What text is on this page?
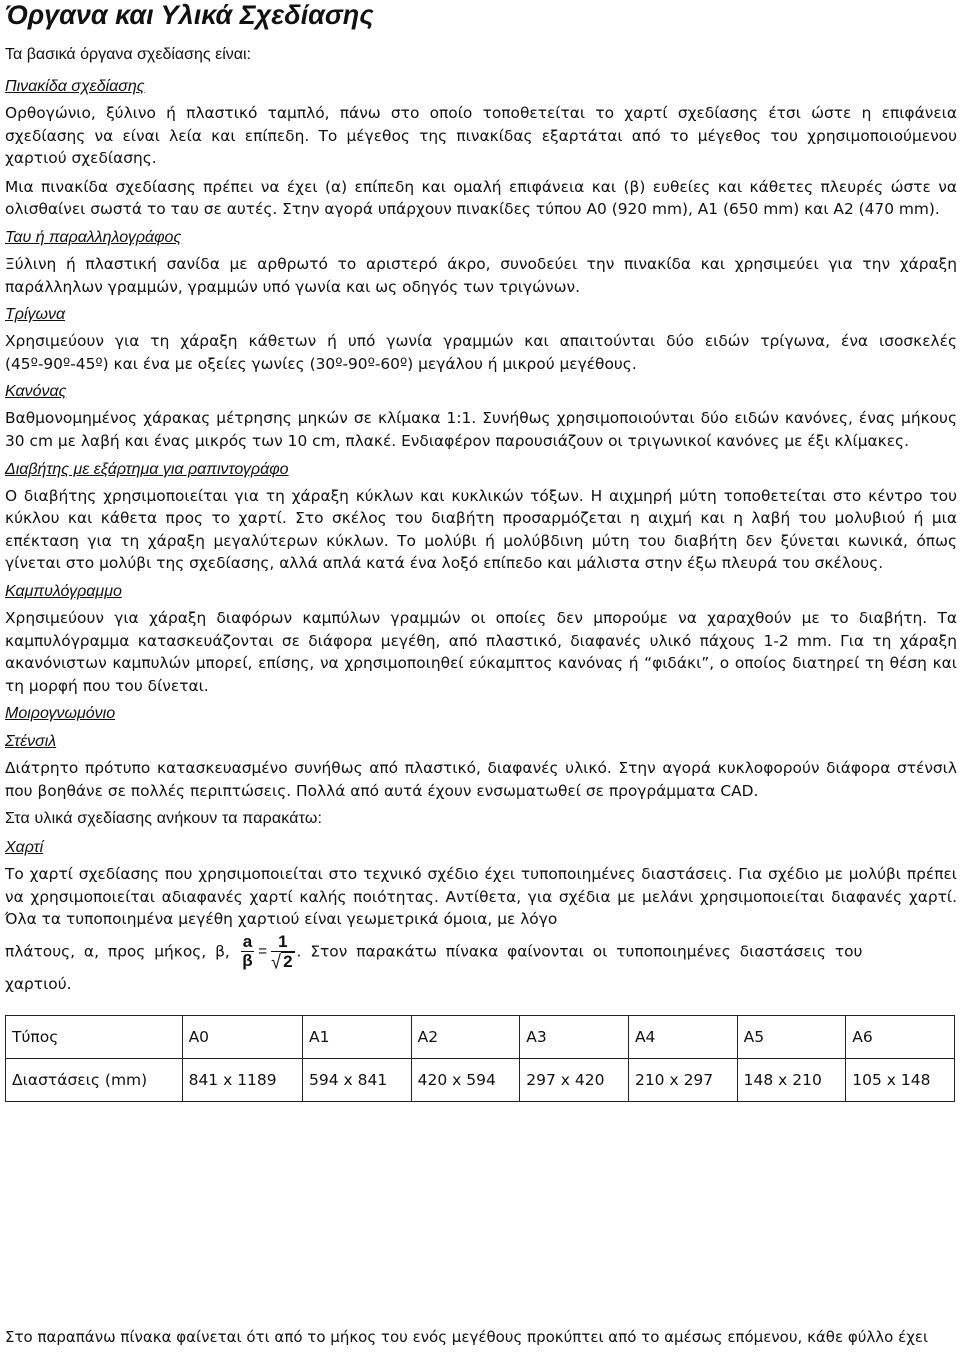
Όργανα και Υλικά Σχεδίασης
Τα βασικά όργανα σχεδίασης είναι:
Πινακίδα σχεδίασης

Ορθογώνιο, ξύλινο ή πλαστικό ταμπλό, πάνω στο οποίο τοποθετείται το χαρτί σχεδίασης έτσι ώστε η επιφάνεια σχεδίασης να είναι λεία και επίπεδη. Το μέγεθος της πινακίδας εξαρτάται από το μέγεθος του χρησιμοποιούμενου χαρτιού σχεδίασης.

Μια πινακίδα σχεδίασης πρέπει να έχει (α) επίπεδη και ομαλή επιφάνεια και (β) ευθείες και κάθετες πλευρές ώστε να ολισθαίνει σωστά το ταυ σε αυτές. Στην αγορά υπάρχουν πινακίδες τύπου Α0 (920 mm), Α1 (650 mm) και Α2 (470 mm).

Ταυ ή παραλληλογράφος

Ξύλινη ή πλαστική σανίδα με αρθρωτό το αριστερό άκρο, συνοδεύει την πινακίδα και χρησιμεύει για την χάραξη παράλληλων γραμμών, γραμμών υπό γωνία και ως οδηγός των τριγώνων.

Τρίγωνα

Χρησιμεύουν για τη χάραξη κάθετων ή υπό γωνία γραμμών και απαιτούνται δύο ειδών τρίγωνα, ένα ισοσκελές (45º-90º-45º) και ένα με οξείες γωνίες (30º-90º-60º) μεγάλου ή μικρού μεγέθους.

Κανόνας

Βαθμονομημένος χάρακας μέτρησης μηκών σε κλίμακα 1:1. Συνήθως χρησιμοποιούνται δύο ειδών κανόνες, ένας μήκους 30 cm με λαβή και ένας μικρός των 10 cm, πλακέ. Ενδιαφέρον παρουσιάζουν οι τριγωνικοί κανόνες με έξι κλίμακες.

Διαβήτης με εξάρτημα για ραπιντογράφο

Ο διαβήτης χρησιμοποιείται για τη χάραξη κύκλων και κυκλικών τόξων. Η αιχμηρή μύτη τοποθετείται στο κέντρο του κύκλου και κάθετα προς το χαρτί. Στο σκέλος του διαβήτη προσαρμόζεται η αιχμή και η λαβή του μολυβιού ή μια επέκταση για τη χάραξη μεγαλύτερων κύκλων. Το μολύβι ή μολύβδινη μύτη του διαβήτη δεν ξύνεται κωνικά, όπως γίνεται στο μολύβι της σχεδίασης, αλλά απλά κατά ένα λοξό επίπεδο και μάλιστα στην έξω πλευρά του σκέλους.

Καμπυλόγραμμο

Χρησιμεύουν για χάραξη διαφόρων καμπύλων γραμμών οι οποίες δεν μπορούμε να χαραχθούν με το διαβήτη. Τα καμπυλόγραμμα κατασκευάζονται σε διάφορα μεγέθη, από πλαστικό, διαφανές υλικό πάχους 1-2 mm. Για τη χάραξη ακανόνιστων καμπυλών μπορεί, επίσης, να χρησιμοποιηθεί εύκαμπτος κανόνας ή “φιδάκι”, ο οποίος διατηρεί τη θέση και τη μορφή που του δίνεται.

Μοιρογνωμόνιο
Στένσιλ

Διάτρητο πρότυπο κατασκευασμένο συνήθως από πλαστικό, διαφανές υλικό. Στην αγορά κυκλοφορούν διάφορα στένσιλ που βοηθάνε σε πολλές περιπτώσεις. Πολλά από αυτά έχουν ενσωματωθεί σε προγράμματα CAD.

Στα υλικά σχεδίασης ανήκουν τα παρακάτω:

Χαρτί

Το χαρτί σχεδίασης που χρησιμοποιείται στο τεχνικό σχέδιο έχει τυποποιημένες διαστάσεις. Για σχέδιο με μολύβι πρέπει να χρησιμοποιείται αδιαφανές χαρτί καλής ποιότητας. Αντίθετα, για σχέδια με μελάνι χρησιμοποιείται διαφανές χαρτί. Όλα τα τυποποιημένα μεγέθη χαρτιού είναι γεωμετρικά όμοια, με λόγο

πλάτους, α, προς μήκος, β, a
β
=
1
√ 2
. Στον παρακάτω πίνακα φαίνονται οι τυποποιημένες διαστάσεις του

χαρτιού.

Τύπος	Α0	Α1	Α2	Α3	Α4	Α5	Α6
Διαστάσεις (mm)	841 x 1189	594 x 841	420 x 594	297 x 420	210 x 297	148 x 210	105 x 148
Στο παραπάνω πίνακα φαίνεται ότι από το μήκος του ενός μεγέθους προκύπτει από το αμέσως επόμενου, κάθε φύλλο έχει
